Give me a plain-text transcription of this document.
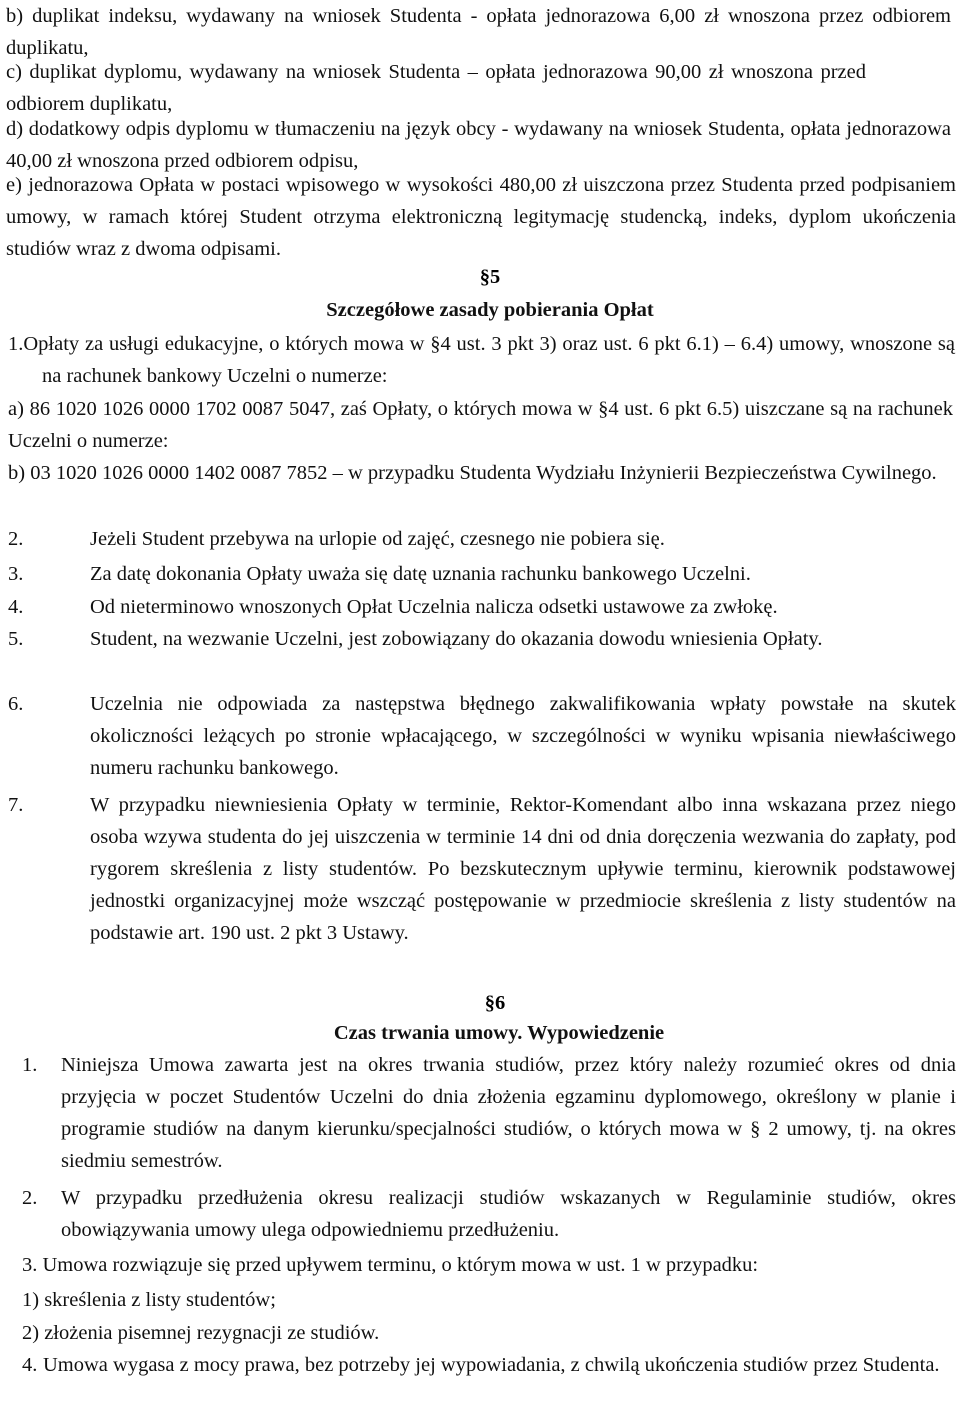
b) duplikat indeksu, wydawany na wniosek Studenta - opłata jednorazowa 6,00 zł wnoszona przez odbiorem duplikatu,

c) duplikat dyplomu, wydawany na wniosek Studenta – opłata jednorazowa 90,00 zł wnoszona przed odbiorem duplikatu,

d) dodatkowy odpis dyplomu w tłumaczeniu na język obcy - wydawany na wniosek Studenta, opłata jednorazowa 40,00 zł wnoszona przed odbiorem odpisu,

e) jednorazowa Opłata w postaci wpisowego w wysokości 480,00 zł uiszczona przez Studenta przed podpisaniem umowy, w ramach której Student otrzyma elektroniczną legitymację studencką, indeks, dyplom ukończenia studiów wraz z dwoma odpisami.

§5
Szczegółowe zasady pobierania Opłat

1.Opłaty za usługi edukacyjne, o których mowa w §4 ust. 3 pkt 3) oraz ust. 6 pkt 6.1) – 6.4) umowy, wnoszone są na rachunek bankowy Uczelni o numerze:

a) 86 1020 1026 0000 1702 0087 5047, zaś Opłaty, o których mowa w §4 ust. 6 pkt 6.5) uiszczane są na rachunek Uczelni o numerze:

b) 03 1020 1026 0000 1402 0087 7852 – w przypadku Studenta Wydziału Inżynierii Bezpieczeństwa Cywilnego.

2.	Jeżeli Student przebywa na urlopie od zajęć, czesnego nie pobiera się.
3.	Za datę dokonania Opłaty uważa się datę uznania rachunku bankowego Uczelni.
4.	Od nieterminowo wnoszonych Opłat Uczelnia nalicza odsetki ustawowe za zwłokę.
5.	Student, na wezwanie Uczelni, jest zobowiązany do okazania dowodu wniesienia Opłaty.
6.	Uczelnia nie odpowiada za następstwa błędnego zakwalifikowania wpłaty powstałe na skutek okoliczności leżących po stronie wpłacającego, w szczególności w wyniku wpisania niewłaściwego numeru rachunku bankowego.
7.	W przypadku niewniesienia Opłaty w terminie, Rektor-Komendant albo inna wskazana przez niego osoba wzywa studenta do jej uiszczenia w terminie 14 dni od dnia doręczenia wezwania do zapłaty, pod rygorem skreślenia z listy studentów. Po bezskutecznym upływie terminu, kierownik podstawowej jednostki organizacyjnej może wszcząć postępowanie w przedmiocie skreślenia z listy studentów na podstawie art. 190 ust. 2 pkt 3 Ustawy.
§6
Czas trwania umowy. Wypowiedzenie
1.	Niniejsza Umowa zawarta jest na okres trwania studiów, przez który należy rozumieć okres od dnia przyjęcia w poczet Studentów Uczelni do dnia złożenia egzaminu dyplomowego, określony w planie i programie studiów na danym kierunku/specjalności studiów, o których mowa w § 2 umowy, tj. na okres siedmiu semestrów.
2.	W przypadku przedłużenia okresu realizacji studiów wskazanych w Regulaminie studiów, okres obowiązywania umowy ulega odpowiedniemu przedłużeniu.

3. Umowa rozwiązuje się przed upływem terminu, o którym mowa w ust. 1 w przypadku:

1) skreślenia z listy studentów;

2) złożenia pisemnej rezygnacji ze studiów.

4. Umowa wygasa z mocy prawa, bez potrzeby jej wypowiadania, z chwilą ukończenia studiów przez Studenta.
